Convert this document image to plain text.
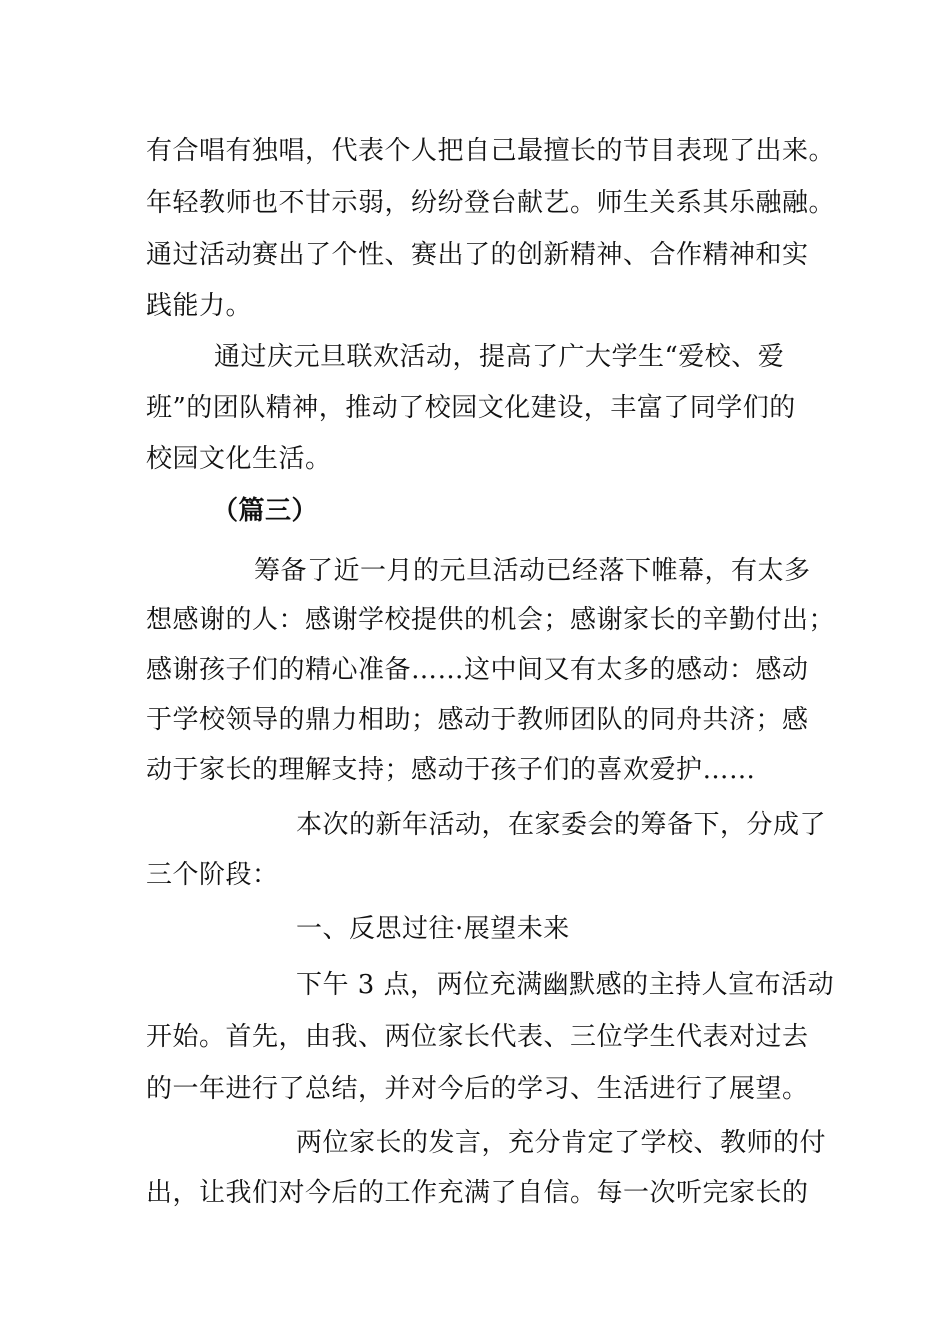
有合唱有独唱，代表个人把自己最擅长的节目表现了出来。
年轻教师也不甘示弱，纷纷登台献艺。师生关系其乐融融。
通过活动赛出了个性、赛出了的创新精神、合作精神和实
践能力。
通过庆元旦联欢活动，提高了广大学生“爱校、爱
班”的团队精神，推动了校园文化建设，丰富了同学们的
校园文化生活。
（篇三）
筹备了近一月的元旦活动已经落下帷幕，有太多
想感谢的人：感谢学校提供的机会；感谢家长的辛勤付出；
感谢孩子们的精心准备……这中间又有太多的感动：感动
于学校领导的鼎力相助；感动于教师团队的同舟共济；感
动于家长的理解支持；感动于孩子们的喜欢爱护……
本次的新年活动，在家委会的筹备下，分成了
三个阶段：
一、反思过往·展望未来
下午 3 点，两位充满幽默感的主持人宣布活动
开始。首先，由我、两位家长代表、三位学生代表对过去
的一年进行了总结，并对今后的学习、生活进行了展望。
两位家长的发言，充分肯定了学校、教师的付
出，让我们对今后的工作充满了自信。每一次听完家长的
